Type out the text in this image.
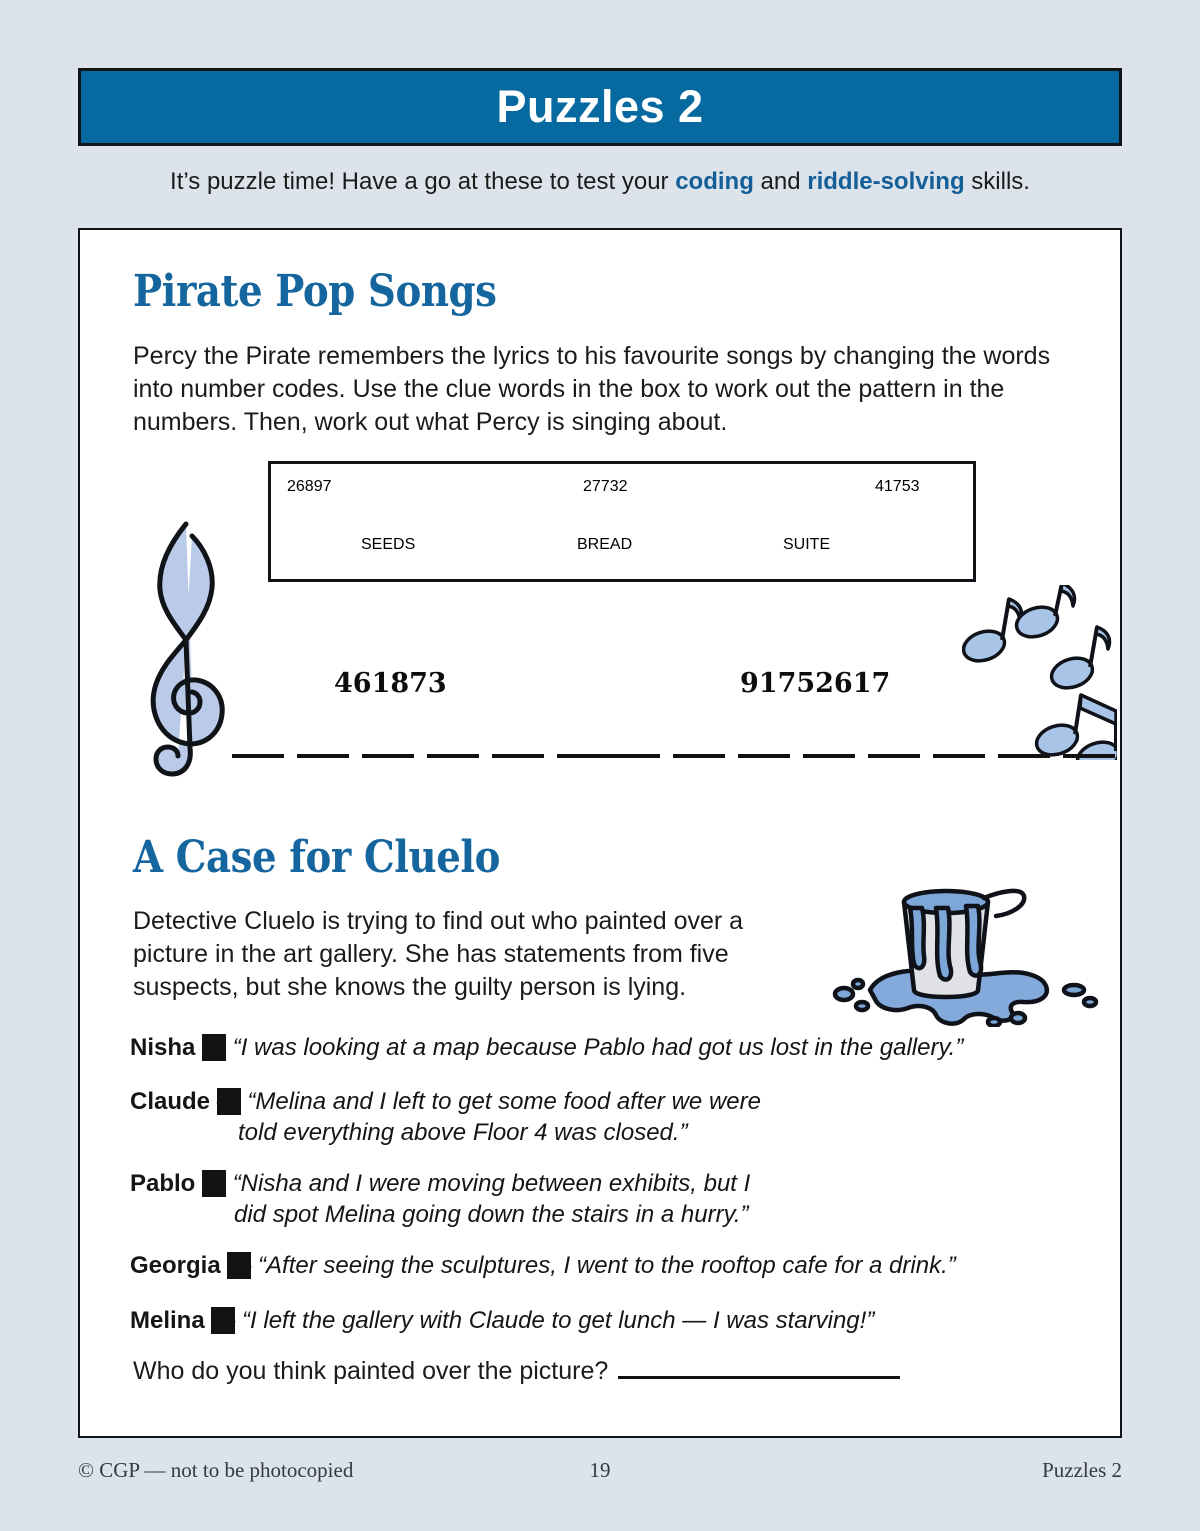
Puzzles 2
It’s puzzle time! Have a go at these to test your coding and riddle-solving skills.
Pirate Pop Songs
Percy the Pirate remembers the lyrics to his favourite songs by changing the words into number codes. Use the clue words in the box to work out the pattern in the numbers. Then, work out what Percy is singing about.
26897	27732	41753
SEEDS	BREAD	SUITE
461873	91752617
A Case for Cluelo
Detective Cluelo is trying to find out who painted over a picture in the art gallery. She has statements from five suspects, but she knows the guilty person is lying.
Nisha — “I was looking at a map because Pablo had got us lost in the gallery.”
Claude — “Melina and I left to get some food after we were
told everything above Floor 4 was closed.”
Pablo — “Nisha and I were moving between exhibits, but I
did spot Melina going down the stairs in a hurry.”
Georgia — “After seeing the sculptures, I went to the rooftop cafe for a drink.”
Melina — “I left the gallery with Claude to get lunch — I was starving!”
Who do you think painted over the picture?
19
© CGP — not to be photocopied	Puzzles 2
